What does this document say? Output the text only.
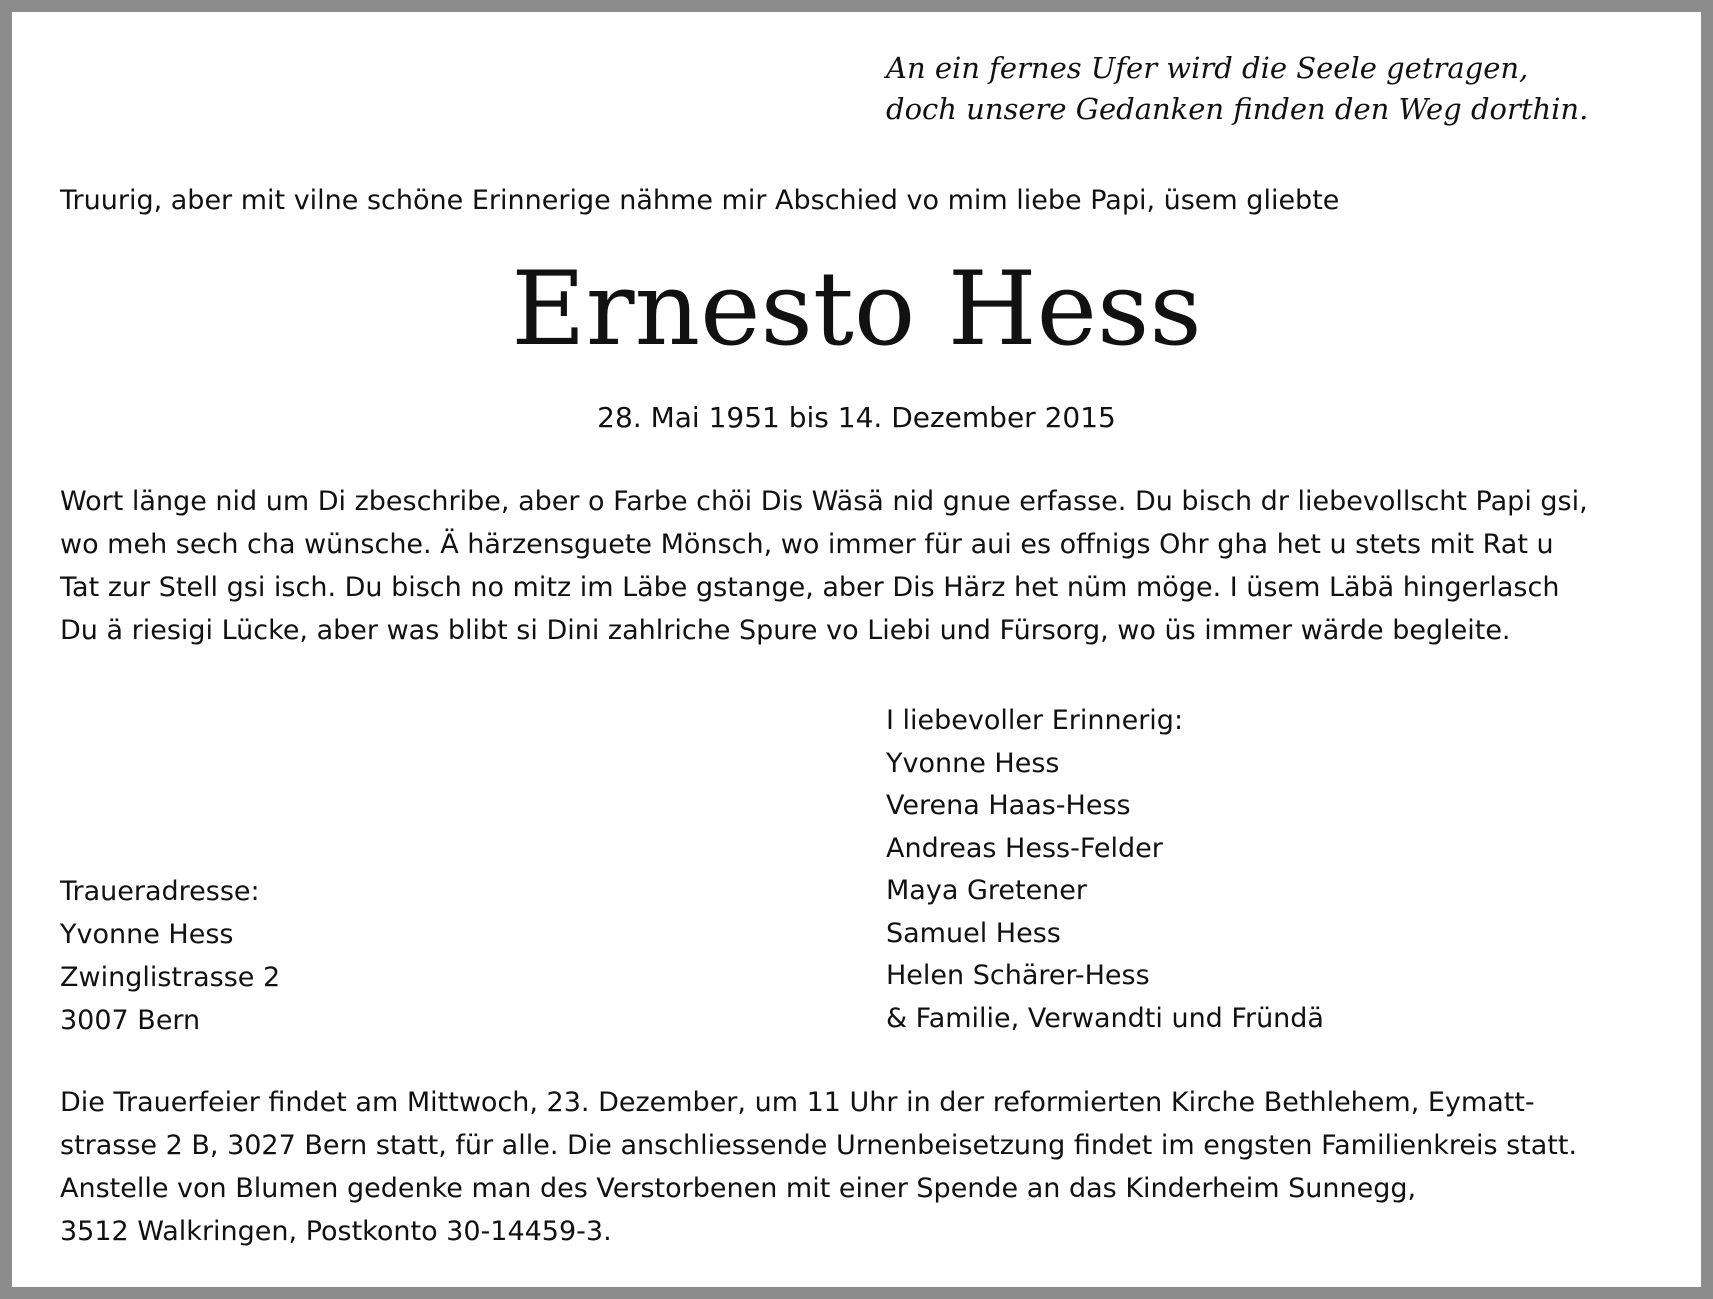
An ein fernes Ufer wird die Seele getragen,
doch unsere Gedanken finden den Weg dorthin.

Truurig, aber mit vilne schöne Erinnerige nähme mir Abschied vo mim liebe Papi, üsem gliebte

Ernesto Hess

28. Mai 1951 bis 14. Dezember 2015

Wort länge nid um Di zbeschribe, aber o Farbe chöi Dis Wäsä nid gnue erfasse. Du bisch dr liebevollscht Papi gsi,
wo meh sech cha wünsche. Ä härzensguete Mönsch, wo immer für aui es offnigs Ohr gha het u stets mit Rat u
Tat zur Stell gsi isch. Du bisch no mitz im Läbe gstange, aber Dis Härz het nüm möge. I üsem Läbä hingerlasch
Du ä riesigi Lücke, aber was blibt si Dini zahlriche Spure vo Liebi und Fürsorg, wo üs immer wärde begleite.

I liebevoller Erinnerig:
Yvonne Hess
Verena Haas-Hess
Andreas Hess-Felder
Maya Gretener
Samuel Hess
Helen Schärer-Hess
& Familie, Verwandti und Fründä

Traueradresse:
Yvonne Hess
Zwinglistrasse 2
3007 Bern

Die Trauerfeier findet am Mittwoch, 23. Dezember, um 11 Uhr in der reformierten Kirche Bethlehem, Eymatt-
strasse 2 B, 3027 Bern statt, für alle. Die anschliessende Urnenbeisetzung findet im engsten Familienkreis statt.
Anstelle von Blumen gedenke man des Verstorbenen mit einer Spende an das Kinderheim Sunnegg,
3512 Walkringen, Postkonto 30-14459-3.
